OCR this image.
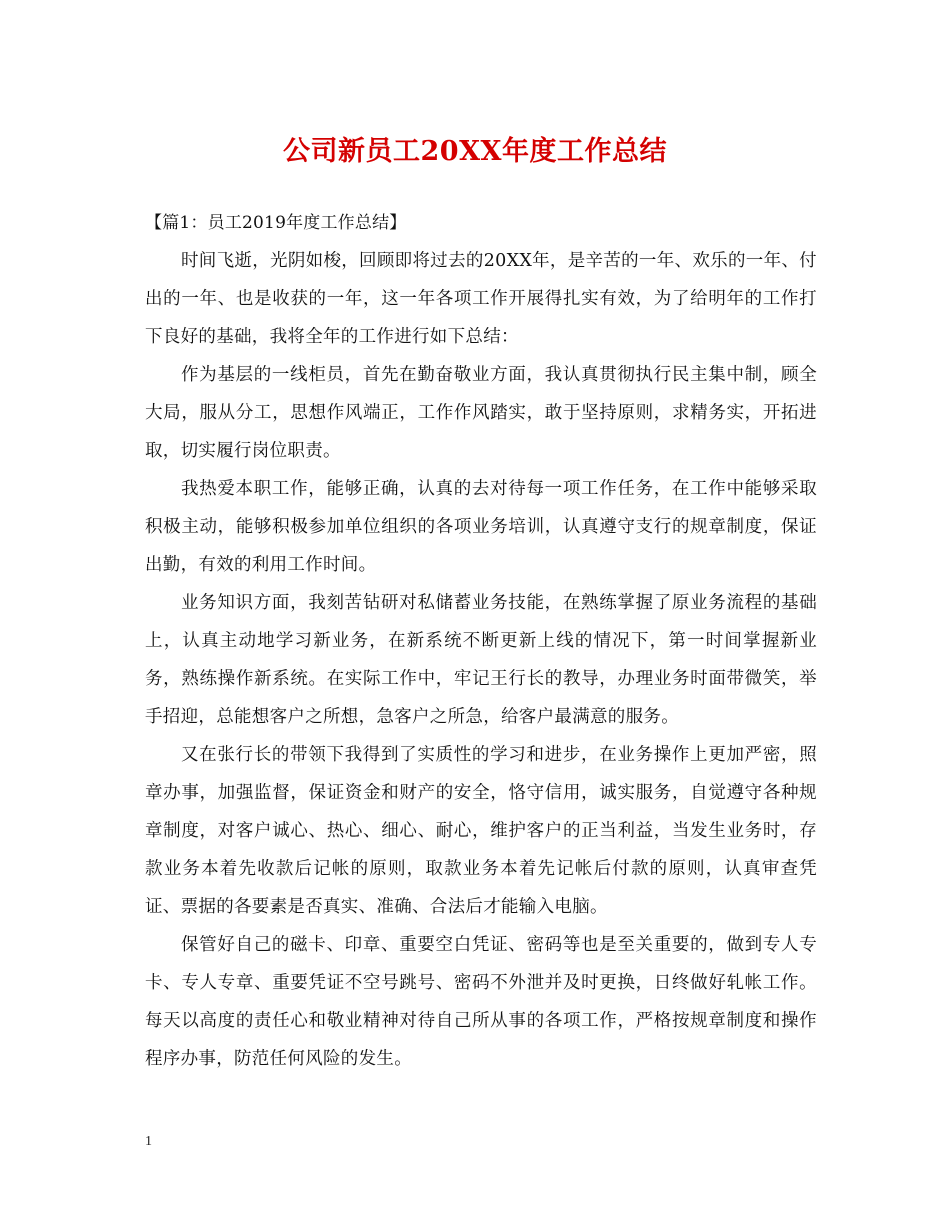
公司新员工20XX年度工作总结

【篇1：员工2019年度工作总结】

时间飞逝，光阴如梭，回顾即将过去的20XX年，是辛苦的一年、欢乐的一年、付出的一年、也是收获的一年，这一年各项工作开展得扎实有效，为了给明年的工作打下良好的基础，我将全年的工作进行如下总结：

作为基层的一线柜员，首先在勤奋敬业方面，我认真贯彻执行民主集中制，顾全大局，服从分工，思想作风端正，工作作风踏实，敢于坚持原则，求精务实，开拓进取，切实履行岗位职责。

我热爱本职工作，能够正确，认真的去对待每一项工作任务，在工作中能够采取积极主动，能够积极参加单位组织的各项业务培训，认真遵守支行的规章制度，保证出勤，有效的利用工作时间。

业务知识方面，我刻苦钻研对私储蓄业务技能，在熟练掌握了原业务流程的基础上，认真主动地学习新业务，在新系统不断更新上线的情况下，第一时间掌握新业务，熟练操作新系统。在实际工作中，牢记王行长的教导，办理业务时面带微笑，举手招迎，总能想客户之所想，急客户之所急，给客户最满意的服务。

又在张行长的带领下我得到了实质性的学习和进步，在业务操作上更加严密，照章办事，加强监督，保证资金和财产的安全，恪守信用，诚实服务，自觉遵守各种规章制度，对客户诚心、热心、细心、耐心，维护客户的正当利益，当发生业务时，存款业务本着先收款后记帐的原则，取款业务本着先记帐后付款的原则，认真审查凭证、票据的各要素是否真实、准确、合法后才能输入电脑。

保管好自己的磁卡、印章、重要空白凭证、密码等也是至关重要的，做到专人专卡、专人专章、重要凭证不空号跳号、密码不外泄并及时更换，日终做好轧帐工作。每天以高度的责任心和敬业精神对待自己所从事的各项工作，严格按规章制度和操作程序办事，防范任何风险的发生。

1
